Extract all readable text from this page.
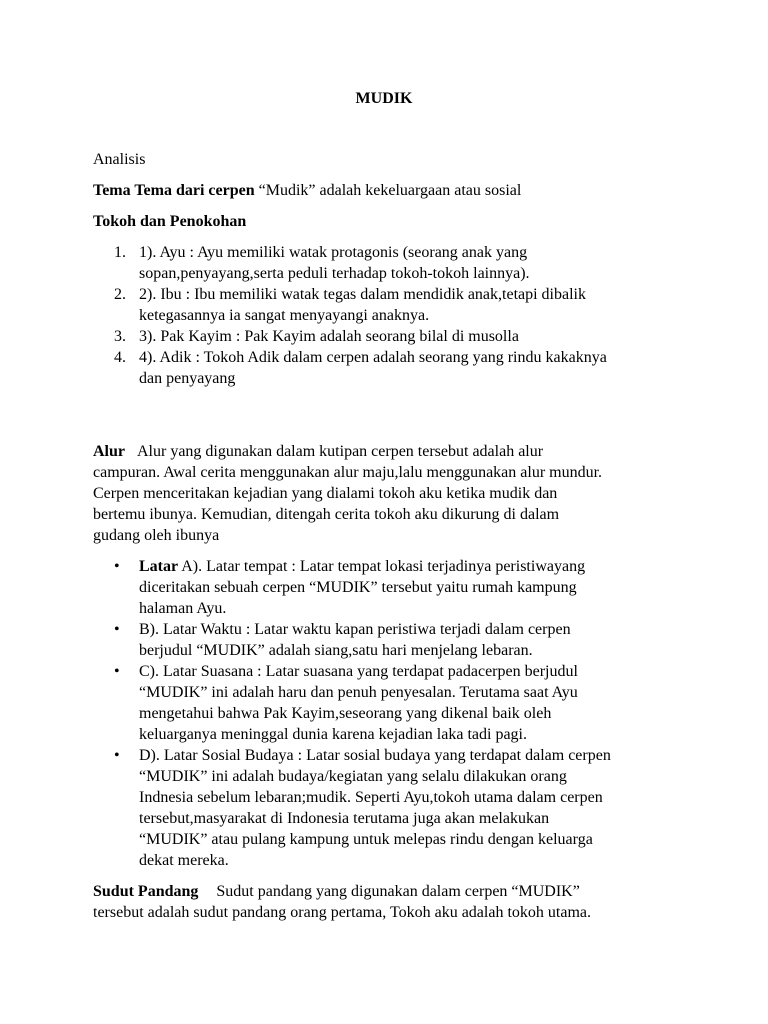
MUDIK

Analisis

Tema Tema dari cerpen “Mudik” adalah kekeluargaan atau sosial

Tokoh dan Penokohan

1. 1). Ayu : Ayu memiliki watak protagonis (seorang anak yang
sopan,penyayang,serta peduli terhadap tokoh-tokoh lainnya).
2. 2). Ibu : Ibu memiliki watak tegas dalam mendidik anak,tetapi dibalik
ketegasannya ia sangat menyayangi anaknya.
3. 3). Pak Kayim : Pak Kayim adalah seorang bilal di musolla
4. 4). Adik : Tokoh Adik dalam cerpen adalah seorang yang rindu kakaknya
dan penyayang

Alur Alur yang digunakan dalam kutipan cerpen tersebut adalah alur
campuran. Awal cerita menggunakan alur maju,lalu menggunakan alur mundur.
Cerpen menceritakan kejadian yang dialami tokoh aku ketika mudik dan
bertemu ibunya. Kemudian, ditengah cerita tokoh aku dikurung di dalam
gudang oleh ibunya

• Latar A). Latar tempat : Latar tempat lokasi terjadinya peristiwayang
diceritakan sebuah cerpen “MUDIK” tersebut yaitu rumah kampung
halaman Ayu.
• B). Latar Waktu : Latar waktu kapan peristiwa terjadi dalam cerpen
berjudul “MUDIK” adalah siang,satu hari menjelang lebaran.
• C). Latar Suasana : Latar suasana yang terdapat padacerpen berjudul
“MUDIK” ini adalah haru dan penuh penyesalan. Terutama saat Ayu
mengetahui bahwa Pak Kayim,seseorang yang dikenal baik oleh
keluarganya meninggal dunia karena kejadian laka tadi pagi.
• D). Latar Sosial Budaya : Latar sosial budaya yang terdapat dalam cerpen
“MUDIK” ini adalah budaya/kegiatan yang selalu dilakukan orang
Indnesia sebelum lebaran;mudik. Seperti Ayu,tokoh utama dalam cerpen
tersebut,masyarakat di Indonesia terutama juga akan melakukan
“MUDIK” atau pulang kampung untuk melepas rindu dengan keluarga
dekat mereka.

Sudut Pandang Sudut pandang yang digunakan dalam cerpen “MUDIK”
tersebut adalah sudut pandang orang pertama, Tokoh aku adalah tokoh utama.
